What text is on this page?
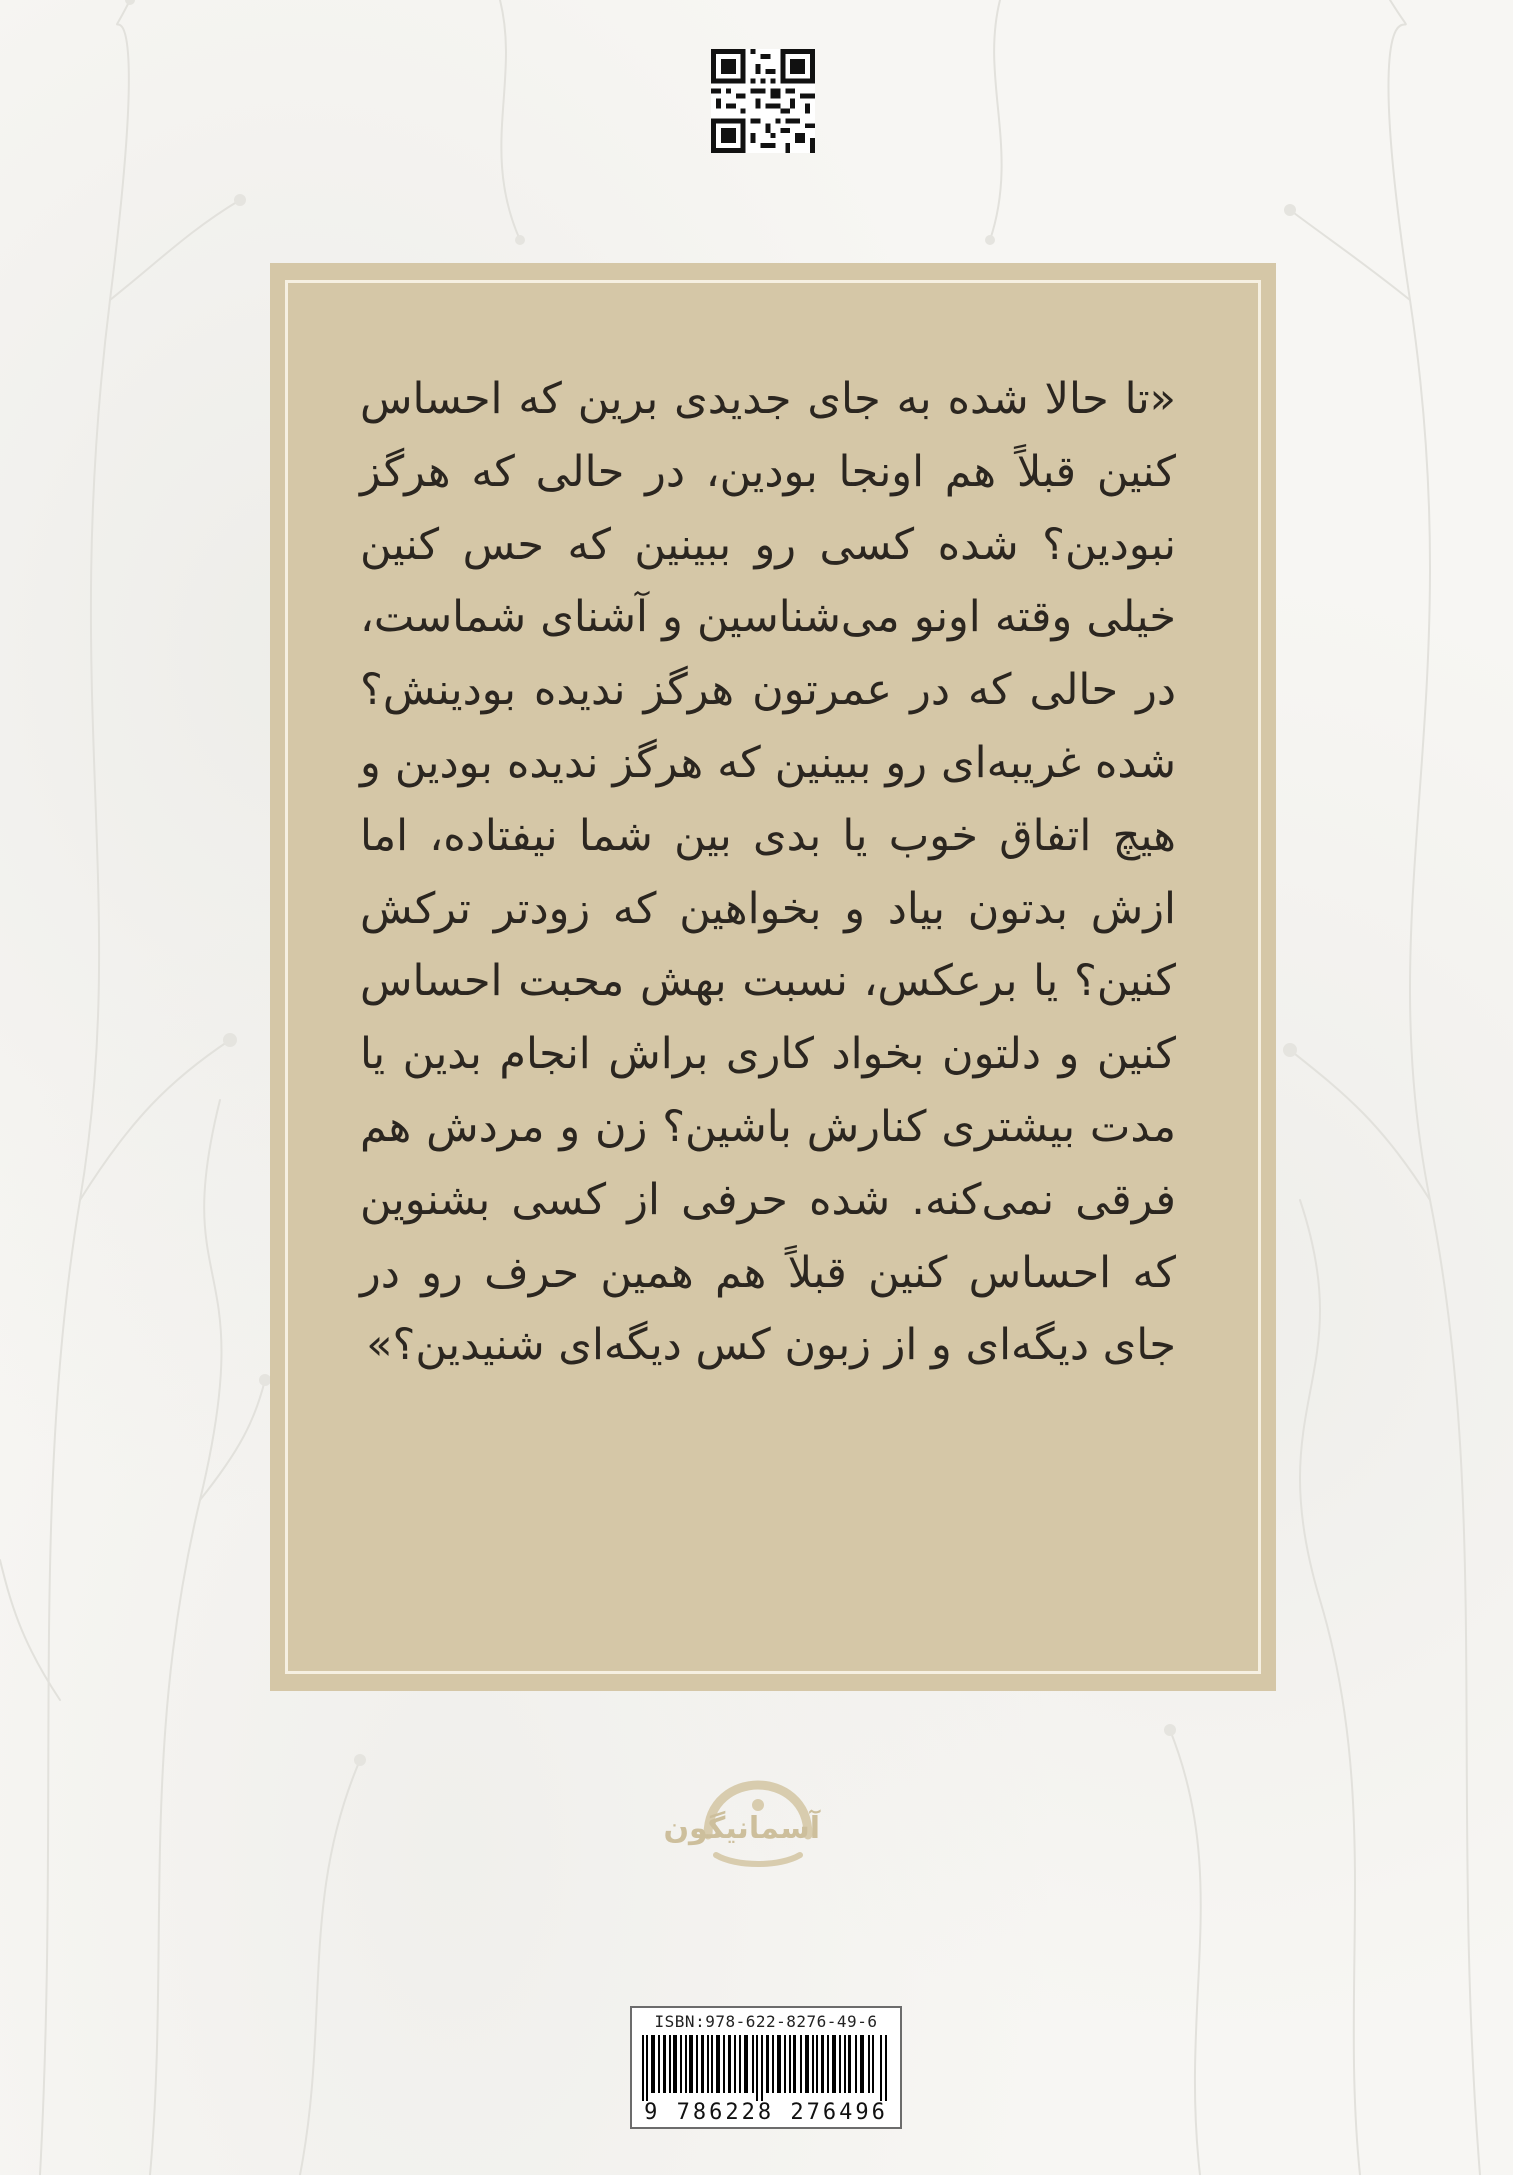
«تا حالا شده به جای جدیدی برین که احساس کنین قبلاً هم اونجا بودین، در حالی که هرگز نبودین؟ شده کسی رو ببینین که حس کنین خیلی وقته اونو می‌شناسین و آشنای شماست، در حالی که در عمرتون هرگز ندیده بودینش؟ شده غریبه‌ای رو ببینین که هرگز ندیده بودین و هیچ اتفاق خوب یا بدی بین شما نیفتاده، اما ازش بدتون بیاد و بخواهین که زودتر ترکش کنین؟ یا برعکس، نسبت بهش محبت احساس کنین و دلتون بخواد کاری براش انجام بدین یا مدت بیشتری کنارش باشین؟ زن و مردش هم فرقی نمی‌کنه. شده حرفی از کسی بشنوین که احساس کنین قبلاً هم همین حرف رو در جای دیگه‌ای و از زبون کس دیگه‌ای شنیدین؟»

آسمانیگون
ISBN:978-622-8276-49-6
9 786228 276496
